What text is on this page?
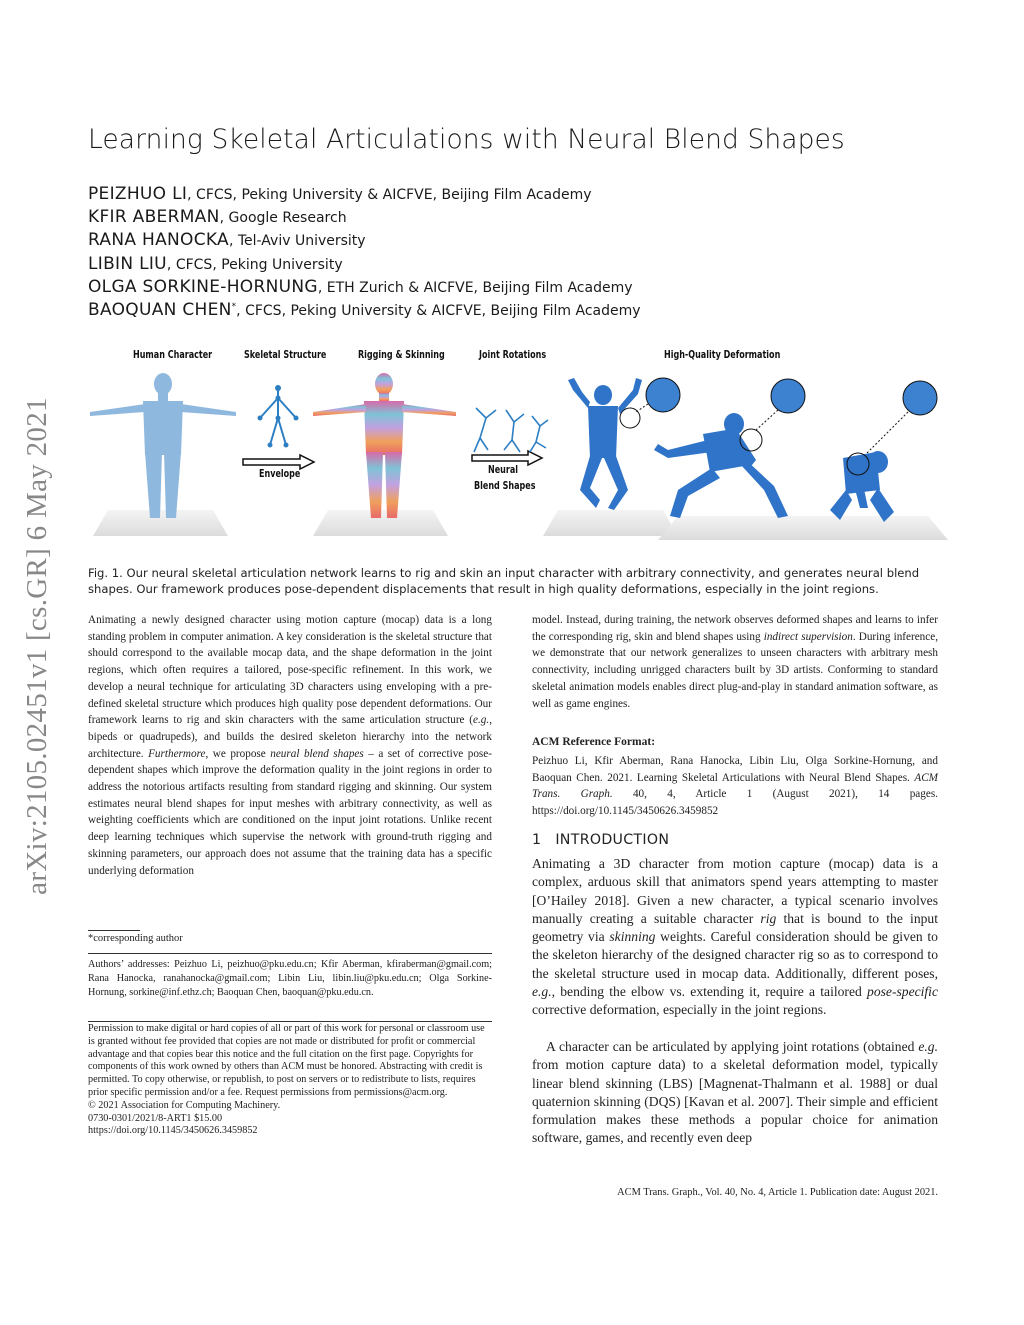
arXiv:2105.02451v1 [cs.GR] 6 May 2021
Learning Skeletal Articulations with Neural Blend Shapes
PEIZHUO LI, CFCS, Peking University & AICFVE, Beijing Film Academy
KFIR ABERMAN, Google Research
RANA HANOCKA, Tel-Aviv University
LIBIN LIU, CFCS, Peking University
OLGA SORKINE-HORNUNG, ETH Zurich & AICFVE, Beijing Film Academy
BAOQUAN CHEN*, CFCS, Peking University & AICFVE, Beijing Film Academy
Human Character	Skeletal Structure	Rigging & Skinning	Joint Rotations	High-Quality Deformation
Envelope	Neural
Blend Shapes
Fig. 1. Our neural skeletal articulation network learns to rig and skin an input character with arbitrary connectivity, and generates neural blend shapes. Our framework produces pose-dependent displacements that result in high quality deformations, especially in the joint regions.
Animating a newly designed character using motion capture (mocap) data is a long standing problem in computer animation. A key consideration is the skeletal structure that should correspond to the available mocap data, and the shape deformation in the joint regions, which often requires a tailored, pose-specific refinement. In this work, we develop a neural technique for articulating 3D characters using enveloping with a pre-defined skeletal structure which produces high quality pose dependent deformations. Our framework learns to rig and skin characters with the same articulation structure (e.g., bipeds or quadrupeds), and builds the desired skeleton hierarchy into the network architecture. Furthermore, we propose neural blend shapes – a set of corrective pose-dependent shapes which improve the deformation quality in the joint regions in order to address the notorious artifacts resulting from standard rigging and skinning. Our system estimates neural blend shapes for input meshes with arbitrary connectivity, as well as weighting coefficients which are conditioned on the input joint rotations. Unlike recent deep learning techniques which supervise the network with ground-truth rigging and skinning parameters, our approach does not assume that the training data has a specific underlying deformation
model. Instead, during training, the network observes deformed shapes and learns to infer the corresponding rig, skin and blend shapes using indirect supervision. During inference, we demonstrate that our network generalizes to unseen characters with arbitrary mesh connectivity, including unrigged characters built by 3D artists. Conforming to standard skeletal animation models enables direct plug-and-play in standard animation software, as well as game engines.
ACM Reference Format:
Peizhuo Li, Kfir Aberman, Rana Hanocka, Libin Liu, Olga Sorkine-Hornung, and Baoquan Chen. 2021. Learning Skeletal Articulations with Neural Blend Shapes. ACM Trans. Graph. 40, 4, Article 1 (August 2021), 14 pages. https://doi.org/10.1145/3450626.3459852
1 INTRODUCTION
Animating a 3D character from motion capture (mocap) data is a complex, arduous skill that animators spend years attempting to master [O’Hailey 2018]. Given a new character, a typical scenario involves manually creating a suitable character rig that is bound to the input geometry via skinning weights. Careful consideration should be given to the skeleton hierarchy of the designed character rig so as to correspond to the skeletal structure used in mocap data. Additionally, different poses, e.g., bending the elbow vs. extending it, require a tailored pose-specific corrective deformation, especially in the joint regions.
A character can be articulated by applying joint rotations (obtained e.g. from motion capture data) to a skeletal deformation model, typically linear blend skinning (LBS) [Magnenat-Thalmann et al. 1988] or dual quaternion skinning (DQS) [Kavan et al. 2007]. Their simple and efficient formulation makes these methods a popular choice for animation software, games, and recently even deep
*corresponding author
Authors’ addresses: Peizhuo Li, peizhuo@pku.edu.cn; Kfir Aberman, kfiraberman@gmail.com; Rana Hanocka, ranahanocka@gmail.com; Libin Liu, libin.liu@pku.edu.cn; Olga Sorkine-Hornung, sorkine@inf.ethz.ch; Baoquan Chen, baoquan@pku.edu.cn.
Permission to make digital or hard copies of all or part of this work for personal or classroom use is granted without fee provided that copies are not made or distributed for profit or commercial advantage and that copies bear this notice and the full citation on the first page. Copyrights for components of this work owned by others than ACM must be honored. Abstracting with credit is permitted. To copy otherwise, or republish, to post on servers or to redistribute to lists, requires prior specific permission and/or a fee. Request permissions from permissions@acm.org.
© 2021 Association for Computing Machinery.
0730-0301/2021/8-ART1 $15.00
https://doi.org/10.1145/3450626.3459852
ACM Trans. Graph., Vol. 40, No. 4, Article 1. Publication date: August 2021.
